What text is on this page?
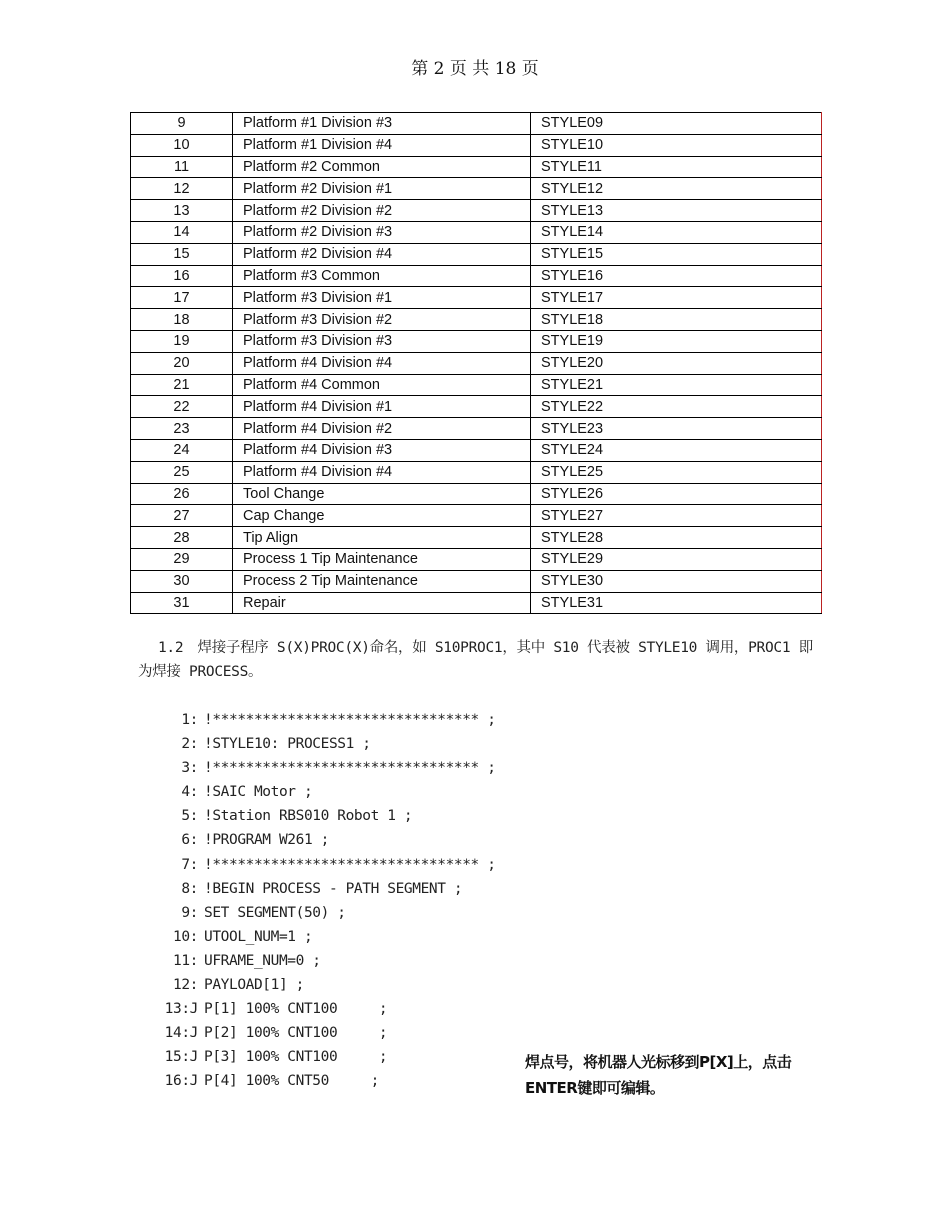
第 2 页 共 18 页
9	Platform #1 Division #3	STYLE09
10	Platform #1 Division #4	STYLE10
11	Platform #2 Common	STYLE11
12	Platform #2 Division #1	STYLE12
13	Platform #2 Division #2	STYLE13
14	Platform #2 Division #3	STYLE14
15	Platform #2 Division #4	STYLE15
16	Platform #3 Common	STYLE16
17	Platform #3 Division #1	STYLE17
18	Platform #3 Division #2	STYLE18
19	Platform #3 Division #3	STYLE19
20	Platform #4 Division #4	STYLE20
21	Platform #4 Common	STYLE21
22	Platform #4 Division #1	STYLE22
23	Platform #4 Division #2	STYLE23
24	Platform #4 Division #3	STYLE24
25	Platform #4 Division #4	STYLE25
26	Tool Change	STYLE26
27	Cap Change	STYLE27
28	Tip Align	STYLE28
29	Process 1 Tip Maintenance	STYLE29
30	Process 2 Tip Maintenance	STYLE30
31	Repair	STYLE31
1.2　焊接子程序 S(X)PROC(X)命名，如 S10PROC1，其中 S10 代表被 STYLE10 调用，PROC1 即为焊接 PROCESS。
1: !******************************** ;
2: !STYLE10: PROCESS1 ;
3: !******************************** ;
4: !SAIC Motor ;
5: !Station RBS010 Robot 1 ;
6: !PROGRAM W261 ;
7: !******************************** ;
8: !BEGIN PROCESS - PATH SEGMENT ;
9: SET SEGMENT(50) ;
10: UTOOL_NUM=1 ;
11: UFRAME_NUM=0 ;
12: PAYLOAD[1] ;
13:J P[1] 100% CNT100     ;
14:J P[2] 100% CNT100     ;
15:J P[3] 100% CNT100     ;
16:J P[4] 100% CNT50     ;
焊点号，将机器人光标移到P[X]上，点击
ENTER键即可编辑。
